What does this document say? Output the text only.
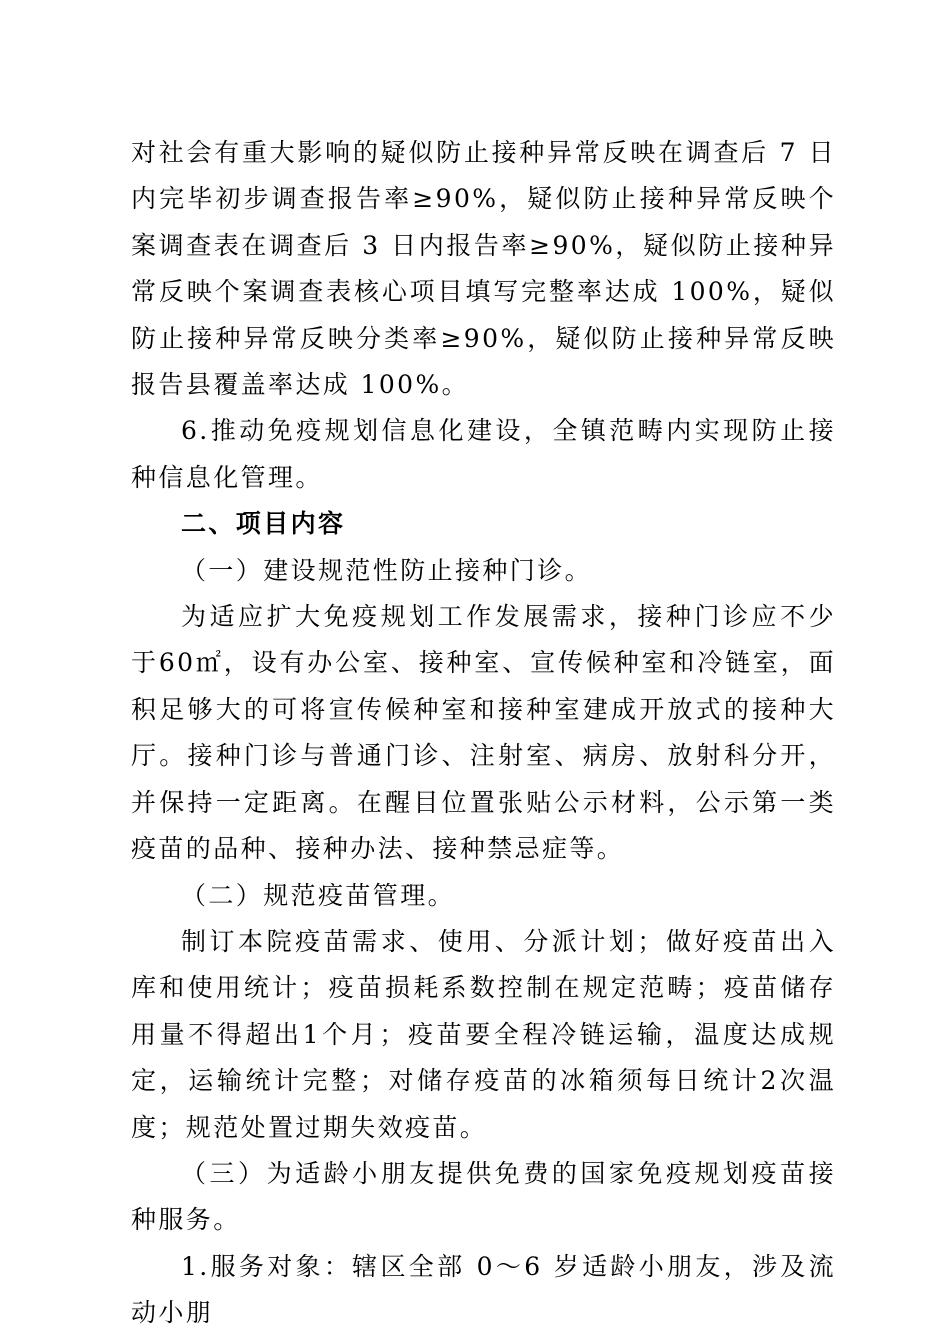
对社会有重大影响的疑似防止接种异常反映在调查后 7 日内完毕初步调查报告率≥90%，疑似防止接种异常反映个案调查表在调查后 3 日内报告率≥90%，疑似防止接种异常反映个案调查表核心项目填写完整率达成 100%，疑似防止接种异常反映分类率≥90%，疑似防止接种异常反映报告县覆盖率达成 100%。

6.推动免疫规划信息化建设，全镇范畴内实现防止接种信息化管理。

二、项目内容

（一）建设规范性防止接种门诊。

为适应扩大免疫规划工作发展需求，接种门诊应不少于60㎡，设有办公室、接种室、宣传候种室和冷链室，面积足够大的可将宣传候种室和接种室建成开放式的接种大厅。接种门诊与普通门诊、注射室、病房、放射科分开，并保持一定距离。在醒目位置张贴公示材料，公示第一类疫苗的品种、接种办法、接种禁忌症等。

（二）规范疫苗管理。

制订本院疫苗需求、使用、分派计划；做好疫苗出入库和使用统计；疫苗损耗系数控制在规定范畴；疫苗储存用量不得超出1个月；疫苗要全程冷链运输，温度达成规定，运输统计完整；对储存疫苗的冰箱须每日统计2次温度；规范处置过期失效疫苗。

（三）为适龄小朋友提供免费的国家免疫规划疫苗接种服务。

1.服务对象：辖区全部 0～6 岁适龄小朋友，涉及流动小朋
